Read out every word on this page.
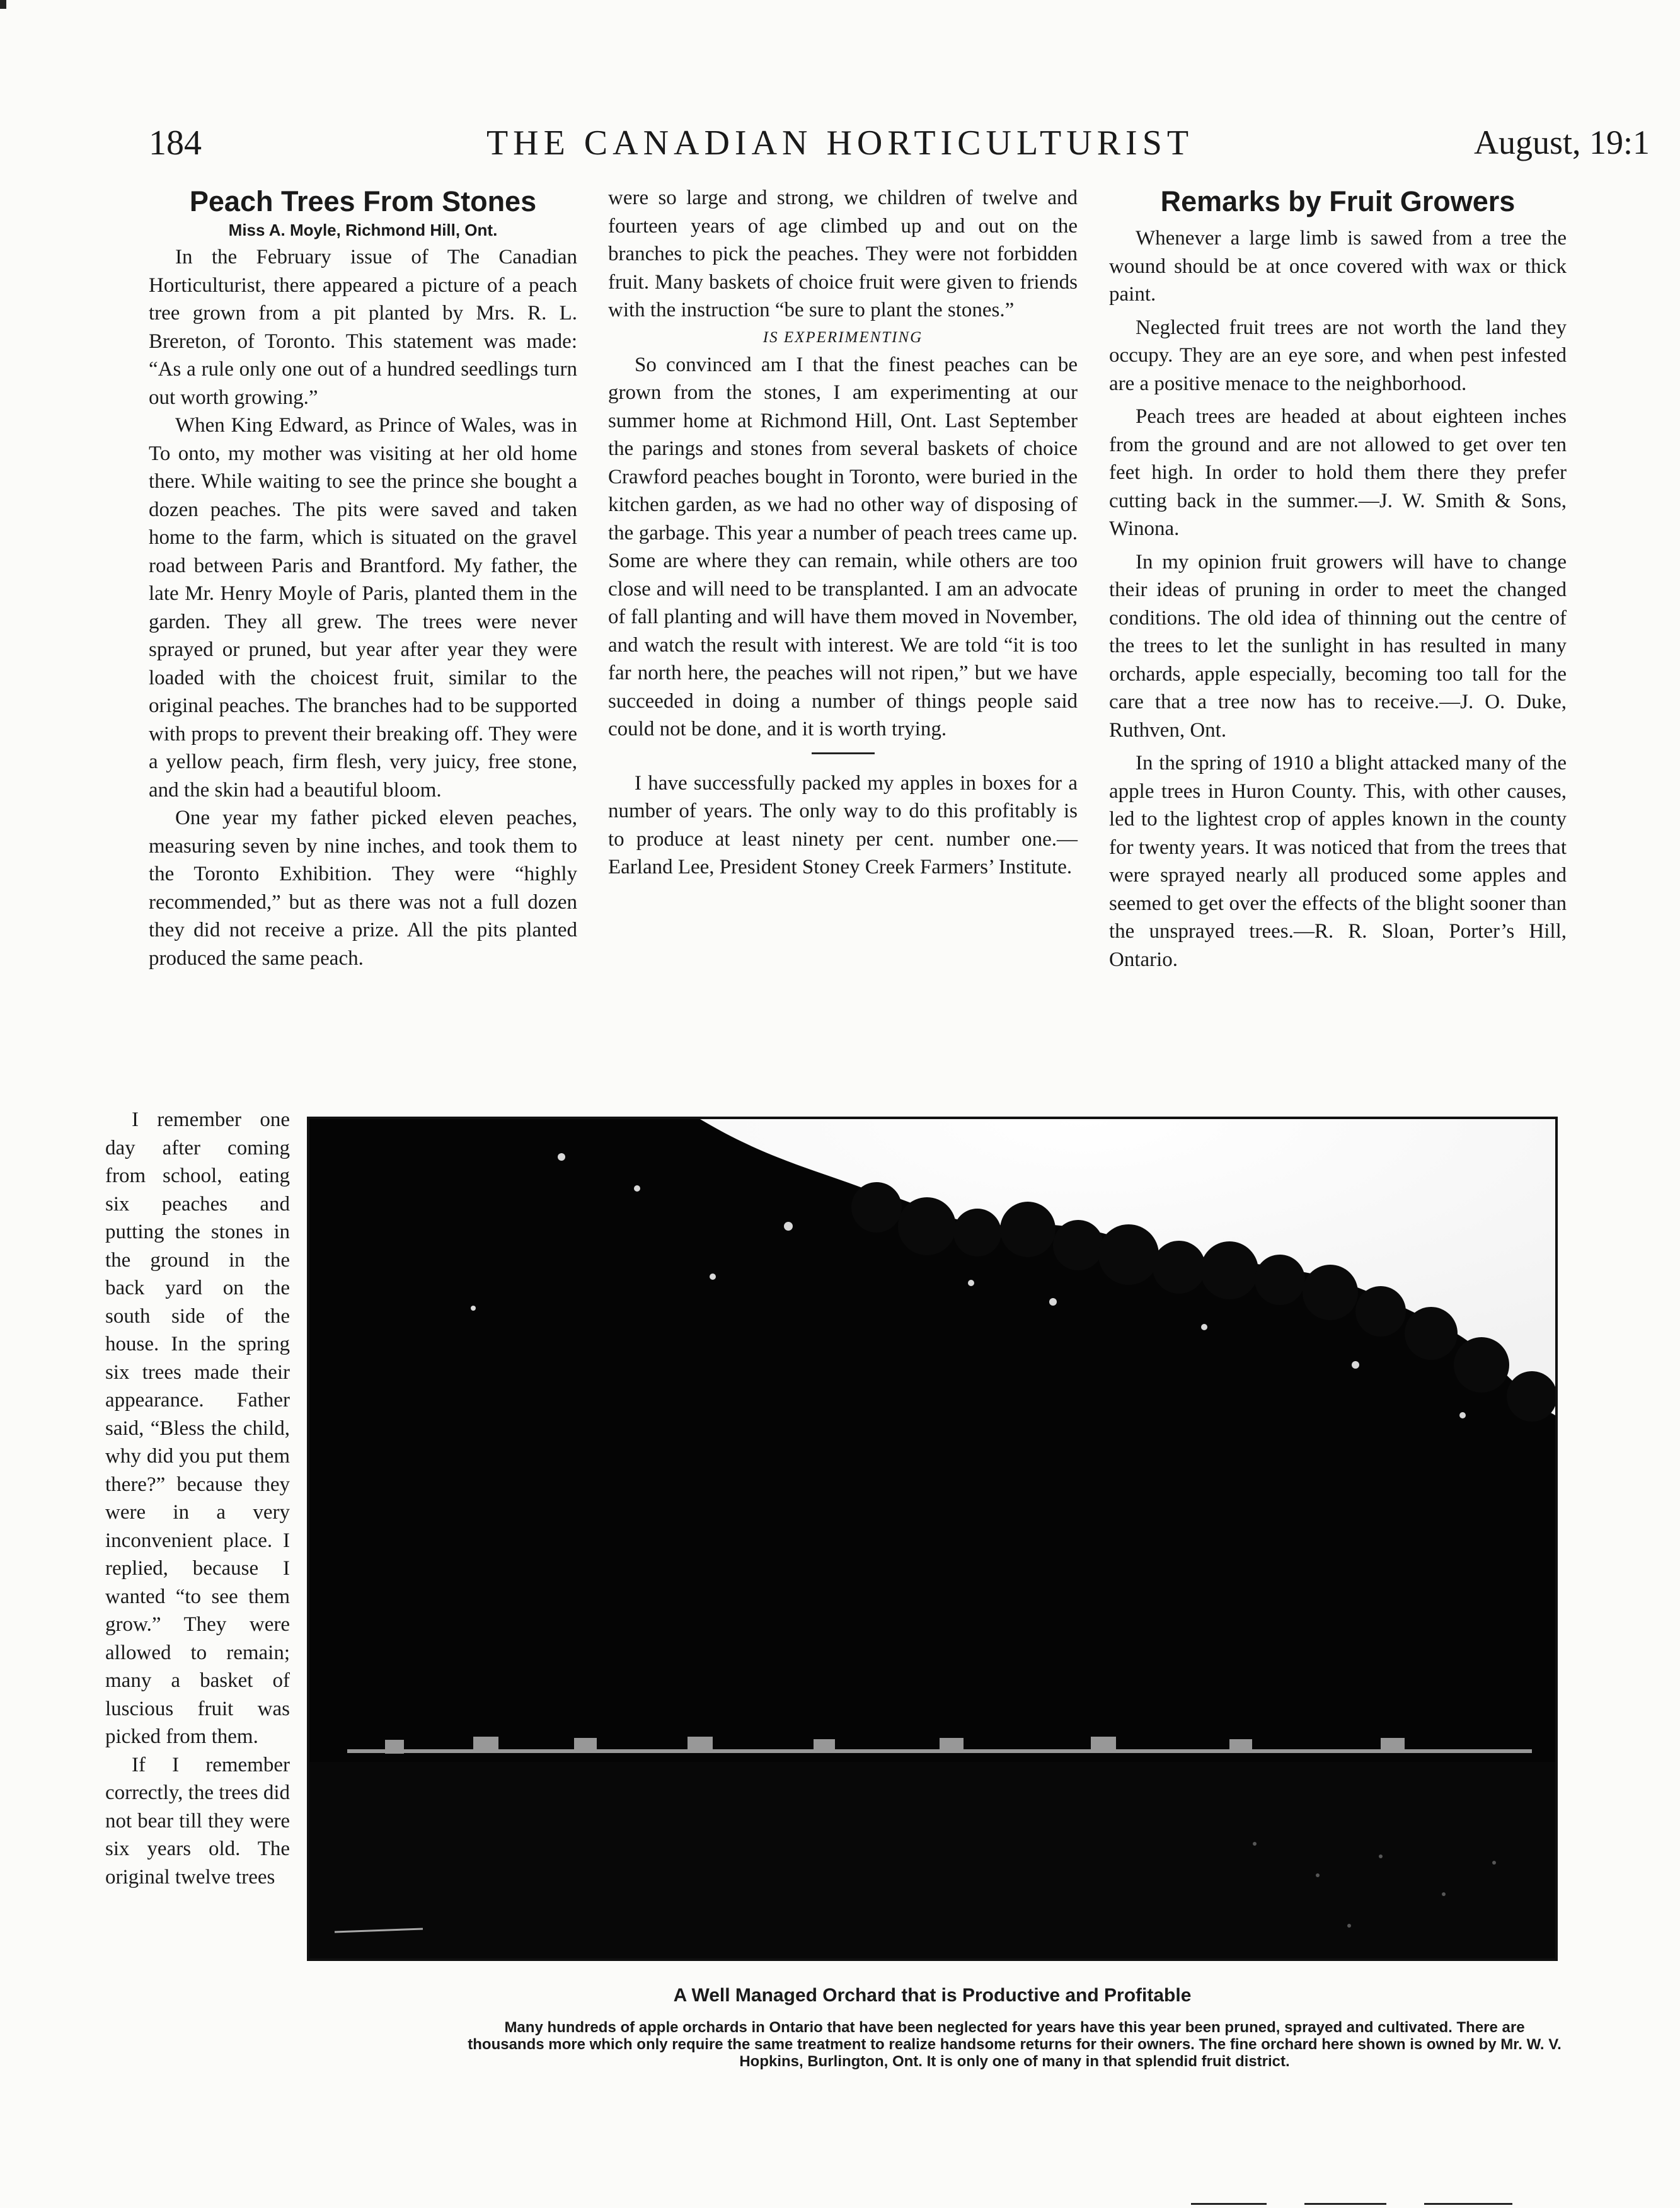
184	THE CANADIAN HORTICULTURIST	August, 19:1
Peach Trees From Stones
Miss A. Moyle, Richmond Hill, Ont.

In the February issue of The Canadian Horticulturist, there appeared a picture of a peach tree grown from a pit planted by Mrs. R. L. Brereton, of Toronto. This statement was made: “As a rule only one out of a hundred seedlings turn out worth growing.”

When King Edward, as Prince of Wales, was in To onto, my mother was visiting at her old home there. While waiting to see the prince she bought a dozen peaches. The pits were saved and taken home to the farm, which is situated on the gravel road between Paris and Brantford. My father, the late Mr. Henry Moyle of Paris, planted them in the garden. They all grew. The trees were never sprayed or pruned, but year after year they were loaded with the choicest fruit, similar to the original peaches. The branches had to be supported with props to prevent their breaking off. They were a yellow peach, firm flesh, very juicy, free stone, and the skin had a beautiful bloom.

One year my father picked eleven peaches, measuring seven by nine inches, and took them to the Toronto Exhibition. They were “highly recommended,” but as there was not a full dozen they did not receive a prize. All the pits planted produced the same peach.

I remember one day after coming from school, eating six peaches and putting the stones in the ground in the back yard on the south side of the house. In the spring six trees made their appearance. Father said, “Bless the child, why did you put them there?” because they were in a very inconvenient place. I replied, because I wanted “to see them grow.” They were allowed to remain; many a basket of luscious fruit was picked from them.

If I remember correctly, the trees did not bear till they were six years old. The original twelve trees

were so large and strong, we children of twelve and fourteen years of age climbed up and out on the branches to pick the peaches. They were not forbidden fruit. Many baskets of choice fruit were given to friends with the instruction “be sure to plant the stones.”

IS EXPERIMENTING

So convinced am I that the finest peaches can be grown from the stones, I am experimenting at our summer home at Richmond Hill, Ont. Last September the parings and stones from several baskets of choice Crawford peaches bought in Toronto, were buried in the kitchen garden, as we had no other way of disposing of the garbage. This year a number of peach trees came up. Some are where they can remain, while others are too close and will need to be transplanted. I am an advocate of fall planting and will have them moved in November, and watch the result with interest. We are told “it is too far north here, the peaches will not ripen,” but we have succeeded in doing a number of things people said could not be done, and it is worth trying.

I have successfully packed my apples in boxes for a number of years. The only way to do this profitably is to produce at least ninety per cent. number one.—Earland Lee, President Stoney Creek Farmers’ Institute.

Remarks by Fruit Growers

Whenever a large limb is sawed from a tree the wound should be at once covered with wax or thick paint.

Neglected fruit trees are not worth the land they occupy. They are an eye sore, and when pest infested are a positive menace to the neighborhood.

Peach trees are headed at about eighteen inches from the ground and are not allowed to get over ten feet high. In order to hold them there they prefer cutting back in the summer.—J. W. Smith & Sons, Winona.

In my opinion fruit growers will have to change their ideas of pruning in order to meet the changed conditions. The old idea of thinning out the centre of the trees to let the sunlight in has resulted in many orchards, apple especially, becoming too tall for the care that a tree now has to receive.—J. O. Duke, Ruthven, Ont.

In the spring of 1910 a blight attacked many of the apple trees in Huron County. This, with other causes, led to the lightest crop of apples known in the county for twenty years. It was noticed that from the trees that were sprayed nearly all produced some apples and seemed to get over the effects of the blight sooner than the unsprayed trees.—R. R. Sloan, Porter’s Hill, Ontario.

A Well Managed Orchard that is Productive and Profitable
Many hundreds of apple orchards in Ontario that have been neglected for years have this year been pruned, sprayed and cultivated. There are thousands more which only require the same treatment to realize handsome returns for their owners. The fine orchard here shown is owned by Mr. W. V. Hopkins, Burlington, Ont. It is only one of many in that splendid fruit district.
